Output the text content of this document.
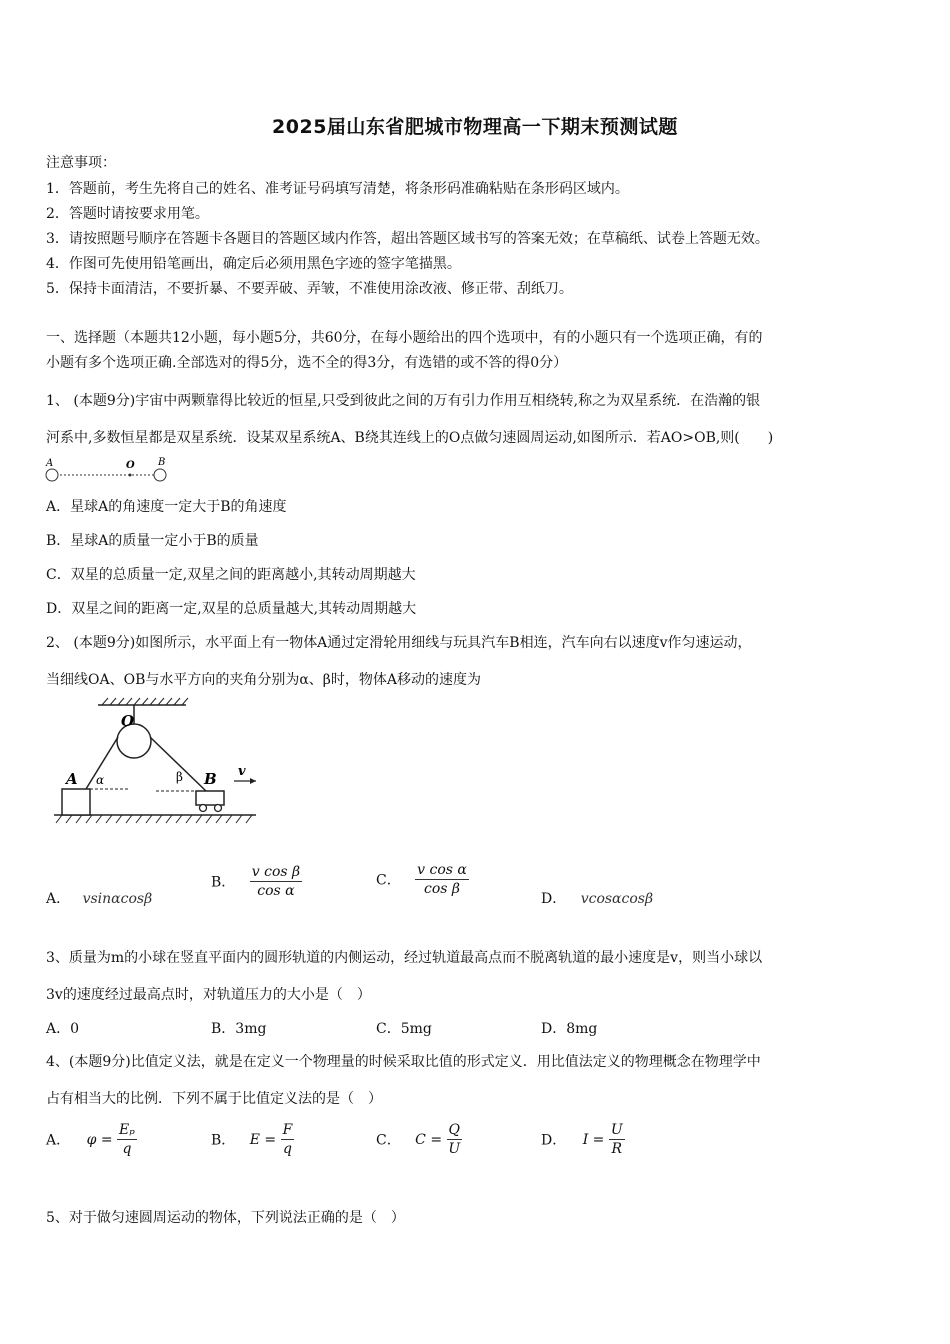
2025届山东省肥城市物理高一下期末预测试题
注意事项：
1．答题前，考生先将自己的姓名、准考证号码填写清楚，将条形码准确粘贴在条形码区域内。
2．答题时请按要求用笔。
3．请按照题号顺序在答题卡各题目的答题区域内作答，超出答题区域书写的答案无效；在草稿纸、试卷上答题无效。
4．作图可先使用铅笔画出，确定后必须用黑色字迹的签字笔描黑。
5．保持卡面清洁，不要折暴、不要弄破、弄皱，不准使用涂改液、修正带、刮纸刀。
一、选择题（本题共12小题，每小题5分，共60分，在每小题给出的四个选项中，有的小题只有一个选项正确，有的
小题有多个选项正确.全部选对的得5分，选不全的得3分，有选错的或不答的得0分）
1、 (本题9分)宇宙中两颗靠得比较近的恒星,只受到彼此之间的万有引力作用互相绕转,称之为双星系统．在浩瀚的银
河系中,多数恒星都是双星系统．设某双星系统A、B绕其连线上的O点做匀速圆周运动,如图所示．若AO>OB,则(　　)
A	O B
A．星球A的角速度一定大于B的角速度
B．星球A的质量一定小于B的质量
C．双星的总质量一定,双星之间的距离越小,其转动周期越大
D．双星之间的距离一定,双星的总质量越大,其转动周期越大
2、 (本题9分)如图所示，水平面上有一物体A通过定滑轮用细线与玩具汽车B相连，汽车向右以速度v作匀速运动，
当细线OA、OB与水平方向的夹角分别为α、β时，物体A移动的速度为
O
A α	β B v
A． vsinαcosβ
B． $\frac{\text{v cos β}}{\text{cos α}}$	C． $\frac{\text{v cos α}}{\text{cos β}}$
D． vcosαcosβ
3、质量为m的小球在竖直平面内的圆形轨道的内侧运动，经过轨道最高点而不脱离轨道的最小速度是v，则当小球以
3v的速度经过最高点时，对轨道压力的大小是（　）
A．0	B．3mg	C．5mg	D．8mg
4、(本题9分)比值定义法，就是在定义一个物理量的时候采取比值的形式定义．用比值法定义的物理概念在物理学中
占有相当大的比例．下列不属于比值定义法的是（　）
A． $\varphi = \frac{\text{Eₚ}}{q}$	B． $E = \frac{F}{q}$	C． $C = \frac{Q}{U}$	D． $I = \frac{U}{R}$
5、对于做匀速圆周运动的物体，下列说法正确的是（　）
